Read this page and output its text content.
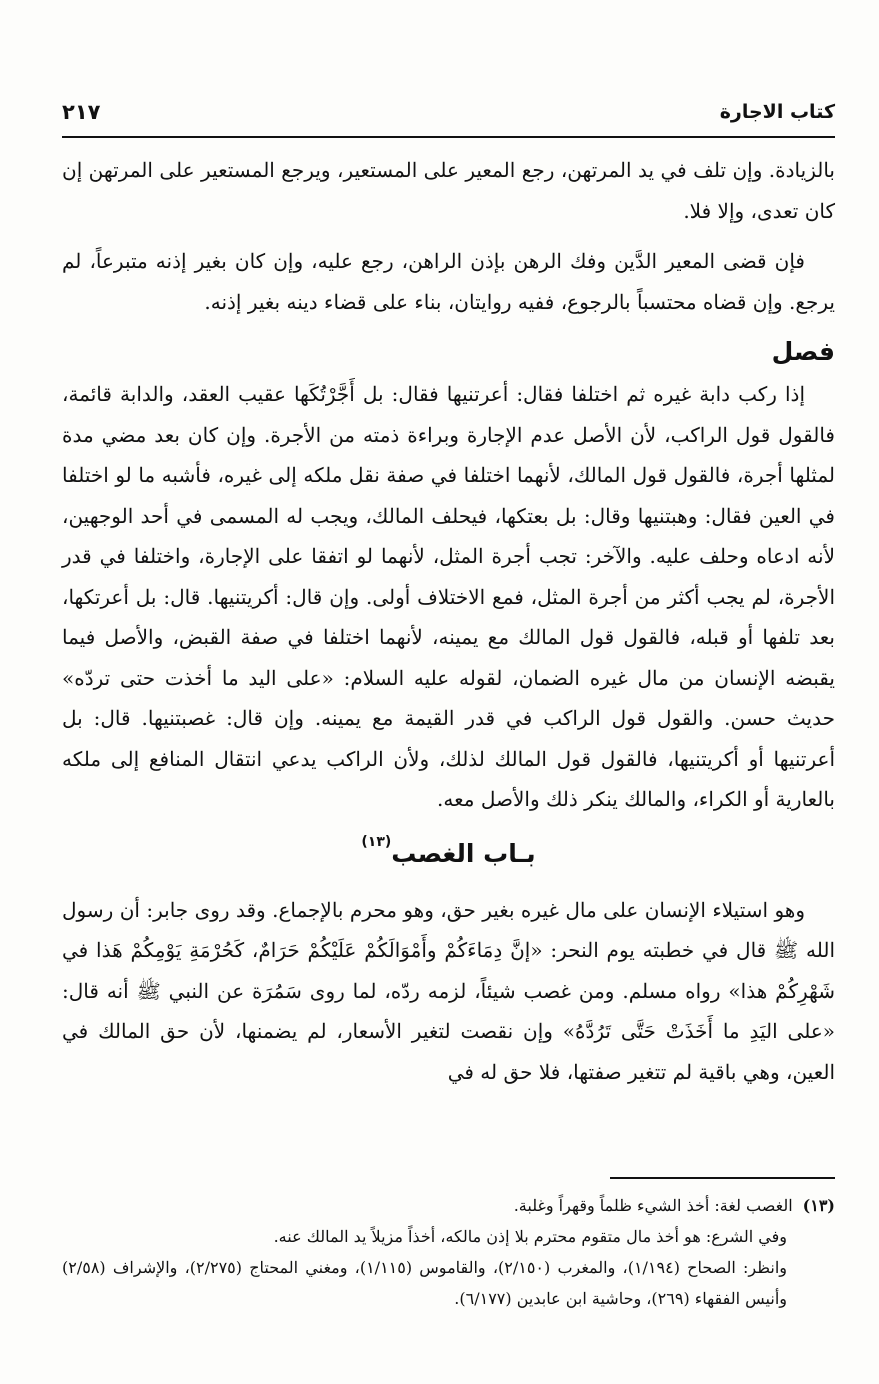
كتاب الاجارة
٢١٧

بالزيادة. وإن تلف في يد المرتهن، رجع المعير على المستعير، ويرجع المستعير على المرتهن إن كان تعدى، وإلا فلا.

فإن قضى المعير الدَّين وفك الرهن بإذن الراهن، رجع عليه، وإن كان بغير إذنه متبرعاً، لم يرجع. وإن قضاه محتسباً بالرجوع، ففيه روايتان، بناء على قضاء دينه بغير إذنه.

فصل

إذا ركب دابة غيره ثم اختلفا فقال: أعرتنيها فقال: بل أَجَّرْتُكَها عقيب العقد، والدابة قائمة، فالقول قول الراكب، لأن الأصل عدم الإجارة وبراءة ذمته من الأجرة. وإن كان بعد مضي مدة لمثلها أجرة، فالقول قول المالك، لأنهما اختلفا في صفة نقل ملكه إلى غيره، فأشبه ما لو اختلفا في العين فقال: وهبتنيها وقال: بل بعتكها، فيحلف المالك، ويجب له المسمى في أحد الوجهين، لأنه ادعاه وحلف عليه. والآخر: تجب أجرة المثل، لأنهما لو اتفقا على الإجارة، واختلفا في قدر الأجرة، لم يجب أكثر من أجرة المثل، فمع الاختلاف أولى. وإن قال: أكريتنيها. قال: بل أعرتكها، بعد تلفها أو قبله، فالقول قول المالك مع يمينه، لأنهما اختلفا في صفة القبض، والأصل فيما يقبضه الإنسان من مال غيره الضمان، لقوله عليه السلام: «على اليد ما أخذت حتى تردّه» حديث حسن. والقول قول الراكب في قدر القيمة مع يمينه. وإن قال: غصبتنيها. قال: بل أعرتنيها أو أكريتنيها، فالقول قول المالك لذلك، ولأن الراكب يدعي انتقال المنافع إلى ملكه بالعارية أو الكراء، والمالك ينكر ذلك والأصل معه.

بـاب الغصب$^{(١٣)}$

وهو استيلاء الإنسان على مال غيره بغير حق، وهو محرم بالإجماع. وقد روى جابر: أن رسول الله ﷺ قال في خطبته يوم النحر: «إنَّ دِمَاءَكُمْ وأَمْوَالَكُمْ عَلَيْكُمْ حَرَامٌ، كَحُرْمَةِ يَوْمِكُمْ هَذا في شَهْرِكُمْ هذا» رواه مسلم. ومن غصب شيئاً، لزمه ردّه، لما روى سَمُرَة عن النبي ﷺ أنه قال: «على اليَدِ ما أَخَذَتْ حَتَّى تَرُدَّهُ» وإن نقصت لتغير الأسعار، لم يضمنها، لأن حق المالك في العين، وهي باقية لم تتغير صفتها، فلا حق له في

(١٣)الغصب لغة: أخذ الشيء ظلماً وقهراً وغلبة.

وفي الشرع: هو أخذ مال متقوم محترم بلا إذن مالكه، أخذاً مزيلاً يد المالك عنه.

وانظر: الصحاح (١/١٩٤)، والمغرب (٢/١٥٠)، والقاموس (١/١١٥)، ومغني المحتاج (٢/٢٧٥)، والإشراف (٢/٥٨) وأنيس الفقهاء (٢٦٩)، وحاشية ابن عابدين (٦/١٧٧).
